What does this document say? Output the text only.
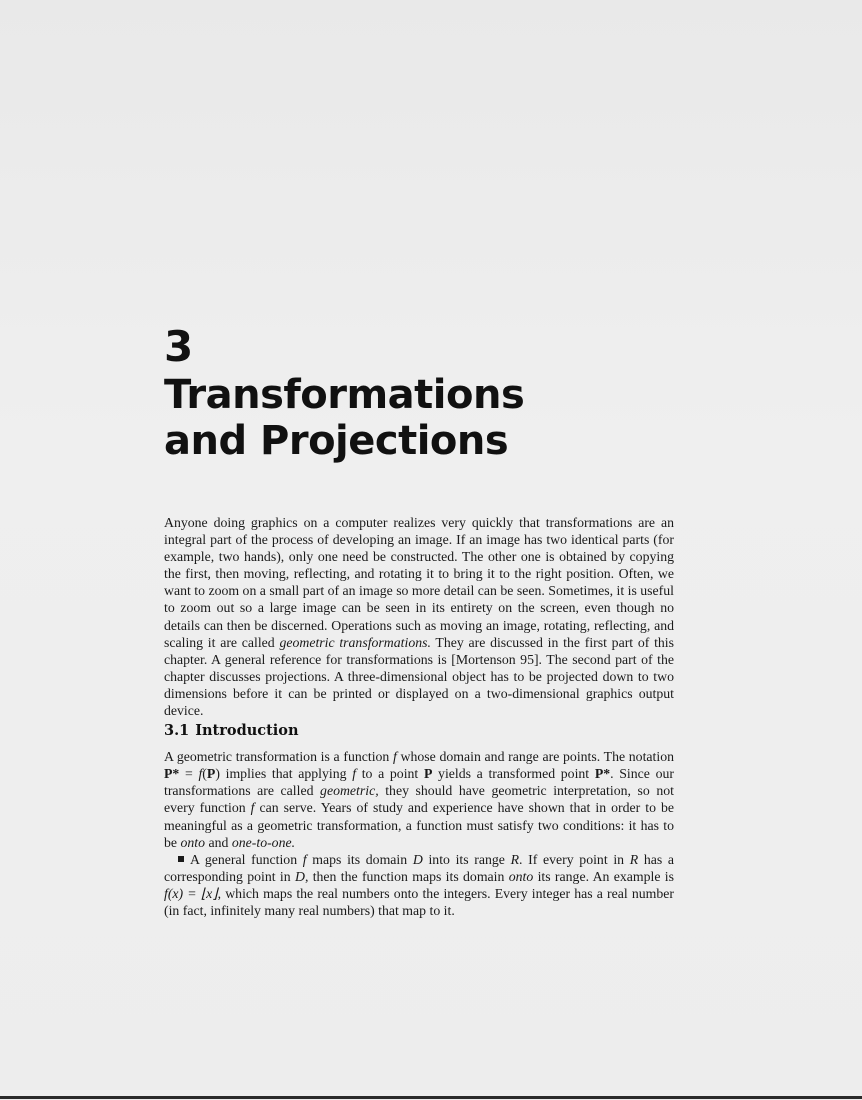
3
Transformations
and Projections

Anyone doing graphics on a computer realizes very quickly that transformations are an integral part of the process of developing an image. If an image has two identical parts (for example, two hands), only one need be constructed. The other one is obtained by copying the first, then moving, reflecting, and rotating it to bring it to the right position. Often, we want to zoom on a small part of an image so more detail can be seen. Sometimes, it is useful to zoom out so a large image can be seen in its entirety on the screen, even though no details can then be discerned. Operations such as moving an image, rotating, reflecting, and scaling it are called geometric transformations. They are discussed in the first part of this chapter. A general reference for transformations is [Mortenson 95]. The second part of the chapter discusses projections. A three-dimensional object has to be projected down to two dimensions before it can be printed or displayed on a two-dimensional graphics output device.

3.1 Introduction

A geometric transformation is a function f whose domain and range are points. The notation P* = f(P) implies that applying f to a point P yields a transformed point P*. Since our transformations are called geometric, they should have geometric interpretation, so not every function f can serve. Years of study and experience have shown that in order to be meaningful as a geometric transformation, a function must satisfy two conditions: it has to be onto and one-to-one.

A general function f maps its domain D into its range R. If every point in R has a corresponding point in D, then the function maps its domain onto its range. An example is f(x) = ⌊x⌋, which maps the real numbers onto the integers. Every integer has a real number (in fact, infinitely many real numbers) that map to it.
